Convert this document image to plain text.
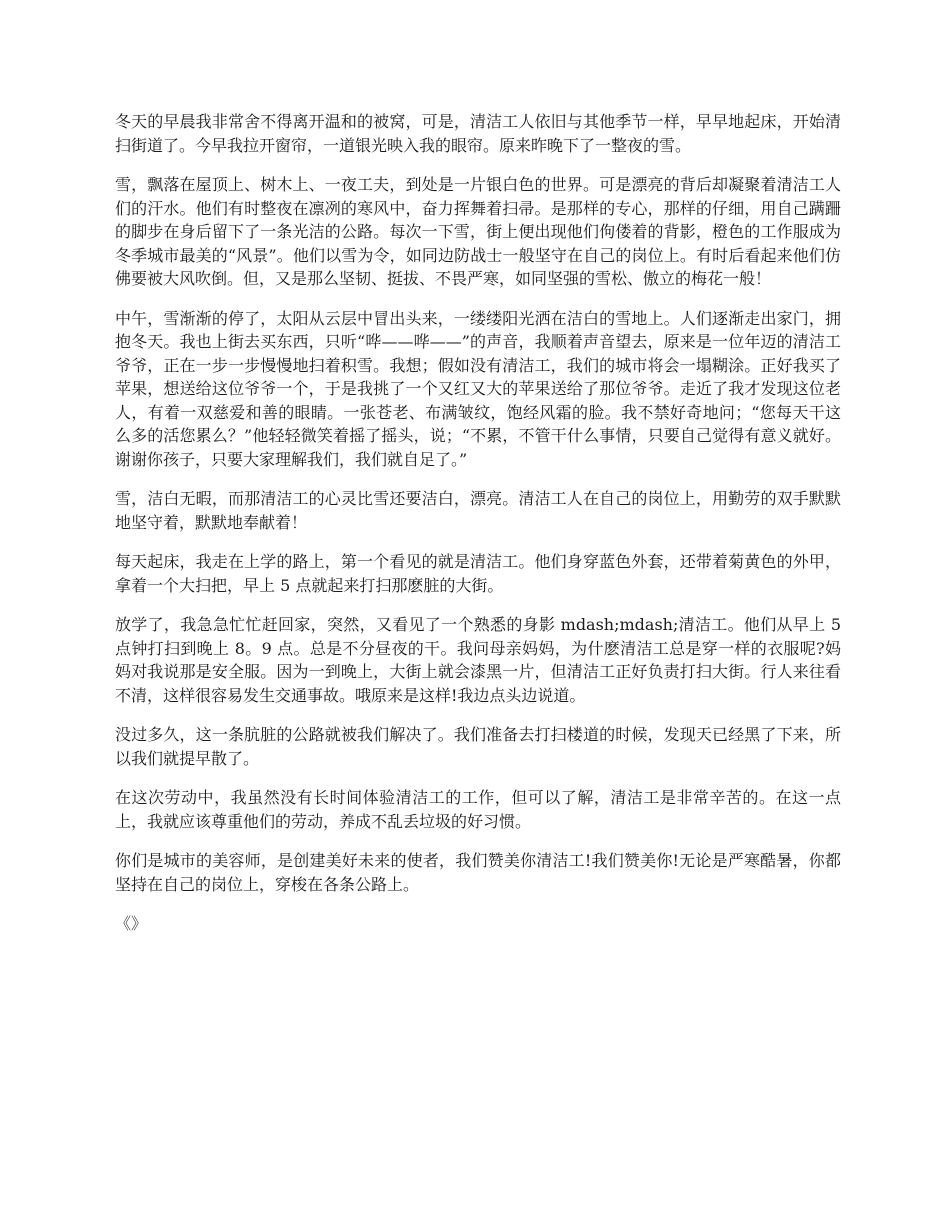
冬天的早晨我非常舍不得离开温和的被窝，可是，清洁工人依旧与其他季节一样，早早地起床，开始清扫街道了。今早我拉开窗帘，一道银光映入我的眼帘。原来昨晚下了一整夜的雪。

雪，飘落在屋顶上、树木上、一夜工夫，到处是一片银白色的世界。可是漂亮的背后却凝聚着清洁工人们的汗水。他们有时整夜在凛冽的寒风中，奋力挥舞着扫帚。是那样的专心，那样的仔细，用自己蹒跚的脚步在身后留下了一条光洁的公路。每次一下雪，街上便出现他们佝偻着的背影，橙色的工作服成为冬季城市最美的“风景”。他们以雪为令，如同边防战士一般坚守在自己的岗位上。有时后看起来他们仿佛要被大风吹倒。但，又是那么坚韧、挺拔、不畏严寒，如同坚强的雪松、傲立的梅花一般！

中午，雪渐渐的停了，太阳从云层中冒出头来，一缕缕阳光洒在洁白的雪地上。人们逐渐走出家门，拥抱冬天。我也上街去买东西，只听“哗——哗——”的声音，我顺着声音望去，原来是一位年迈的清洁工爷爷，正在一步一步慢慢地扫着积雪。我想；假如没有清洁工，我们的城市将会一塌糊涂。正好我买了苹果，想送给这位爷爷一个，于是我挑了一个又红又大的苹果送给了那位爷爷。走近了我才发现这位老人，有着一双慈爱和善的眼睛。一张苍老、布满皱纹，饱经风霜的脸。我不禁好奇地问；“您每天干这么多的活您累么？”他轻轻微笑着摇了摇头，说；“不累，不管干什么事情，只要自己觉得有意义就好。谢谢你孩子，只要大家理解我们，我们就自足了。”

雪，洁白无暇，而那清洁工的心灵比雪还要洁白，漂亮。清洁工人在自己的岗位上，用勤劳的双手默默地坚守着，默默地奉献着！

每天起床，我走在上学的路上，第一个看见的就是清洁工。他们身穿蓝色外套，还带着菊黄色的外甲，拿着一个大扫把，早上 5 点就起来打扫那麽脏的大街。

放学了，我急急忙忙赶回家，突然，又看见了一个熟悉的身影 mdash;mdash;清洁工。他们从早上 5 点钟打扫到晚上 8。9 点。总是不分昼夜的干。我问母亲妈妈，为什麽清洁工总是穿一样的衣服呢?妈妈对我说那是安全服。因为一到晚上，大街上就会漆黑一片，但清洁工正好负责打扫大街。行人来往看不清，这样很容易发生交通事故。哦原来是这样!我边点头边说道。

没过多久，这一条肮脏的公路就被我们解决了。我们准备去打扫楼道的时候，发现天已经黑了下来，所以我们就提早散了。

在这次劳动中，我虽然没有长时间体验清洁工的工作，但可以了解，清洁工是非常辛苦的。在这一点上，我就应该尊重他们的劳动，养成不乱丢垃圾的好习惯。

你们是城市的美容师，是创建美好未来的使者，我们赞美你清洁工!我们赞美你!无论是严寒酷暑，你都坚持在自己的岗位上，穿梭在各条公路上。

《》
